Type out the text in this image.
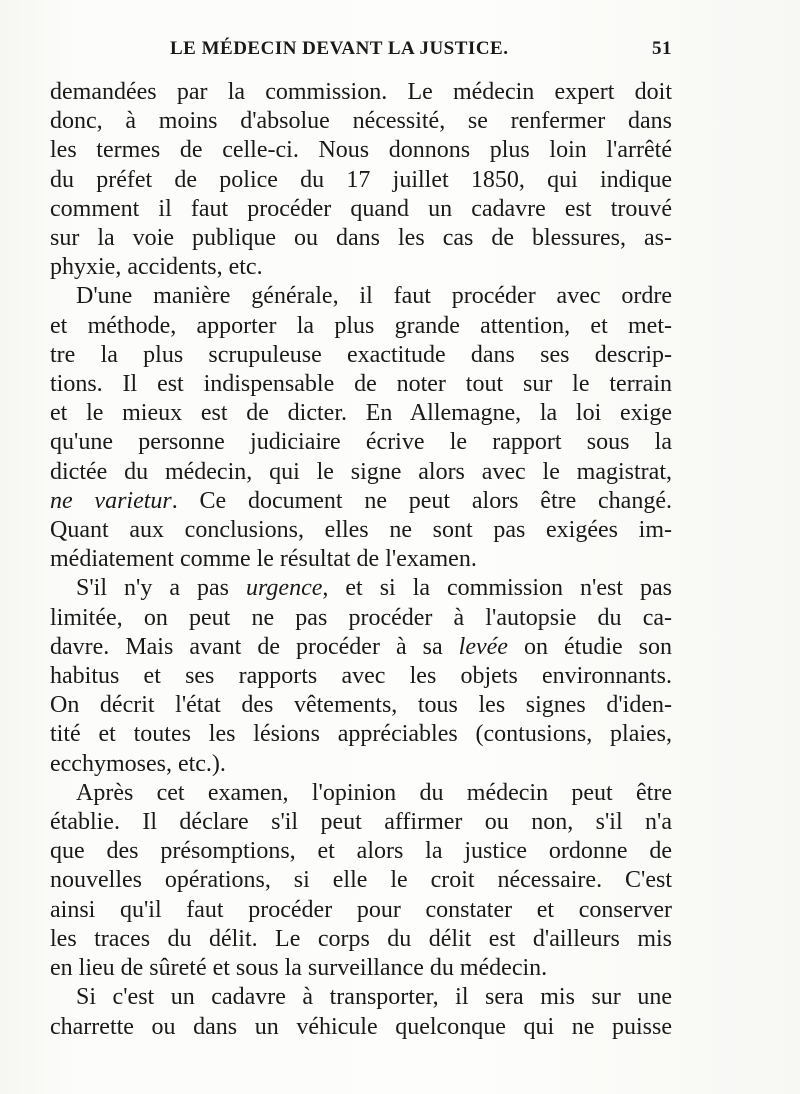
LE MÉDECIN DEVANT LA JUSTICE.	51

demandées par la commission. Le médecin expert doit
donc, à moins d'absolue nécessité, se renfermer dans
les termes de celle-ci. Nous donnons plus loin l'arrêté
du préfet de police du 17 juillet 1850, qui indique
comment il faut procéder quand un cadavre est trouvé
sur la voie publique ou dans les cas de blessures, as-
phyxie, accidents, etc.

D'une manière générale, il faut procéder avec ordre
et méthode, apporter la plus grande attention, et met-
tre la plus scrupuleuse exactitude dans ses descrip-
tions. Il est indispensable de noter tout sur le terrain
et le mieux est de dicter. En Allemagne, la loi exige
qu'une personne judiciaire écrive le rapport sous la
dictée du médecin, qui le signe alors avec le magistrat,
ne varietur. Ce document ne peut alors être changé.
Quant aux conclusions, elles ne sont pas exigées im-
médiatement comme le résultat de l'examen.

S'il n'y a pas urgence, et si la commission n'est pas
limitée, on peut ne pas procéder à l'autopsie du ca-
davre. Mais avant de procéder à sa levée on étudie son
habitus et ses rapports avec les objets environnants.
On décrit l'état des vêtements, tous les signes d'iden-
tité et toutes les lésions appréciables (contusions, plaies,
ecchymoses, etc.).

Après cet examen, l'opinion du médecin peut être
établie. Il déclare s'il peut affirmer ou non, s'il n'a
que des présomptions, et alors la justice ordonne de
nouvelles opérations, si elle le croit nécessaire. C'est
ainsi qu'il faut procéder pour constater et conserver
les traces du délit. Le corps du délit est d'ailleurs mis
en lieu de sûreté et sous la surveillance du médecin.

Si c'est un cadavre à transporter, il sera mis sur une
charrette ou dans un véhicule quelconque qui ne puisse
